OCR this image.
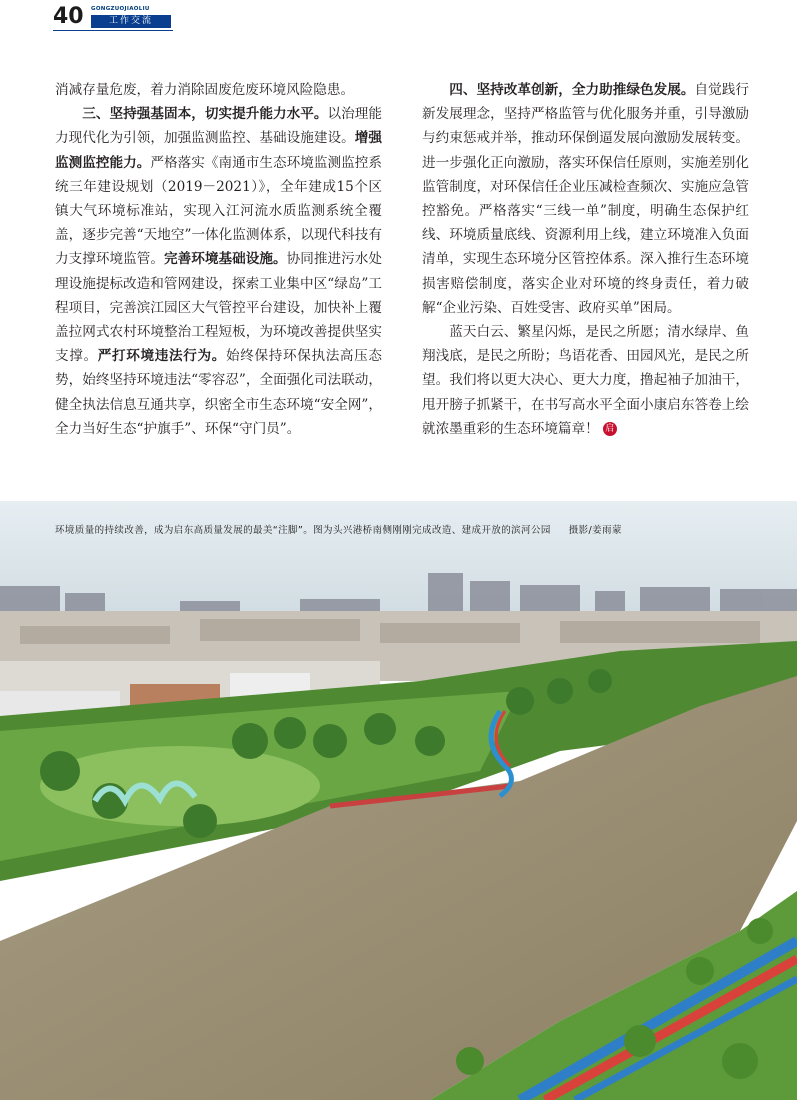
40 GONGZUOJIAOLIU
工作交流

消减存量危废，着力消除固废危废环境风险隐患。

三、坚持强基固本，切实提升能力水平。以治理能力现代化为引领，加强监测监控、基础设施建设。增强监测监控能力。严格落实《南通市生态环境监测监控系统三年建设规划（2019－2021）》，全年建成15个区镇大气环境标准站，实现入江河流水质监测系统全覆盖，逐步完善“天地空”一体化监测体系，以现代科技有力支撑环境监管。完善环境基础设施。协同推进污水处理设施提标改造和管网建设，探索工业集中区“绿岛”工程项目，完善滨江园区大气管控平台建设，加快补上覆盖拉网式农村环境整治工程短板，为环境改善提供坚实支撑。严打环境违法行为。始终保持环保执法高压态势，始终坚持环境违法“零容忍”，全面强化司法联动，健全执法信息互通共享，织密全市生态环境“安全网”，全力当好生态“护旗手”、环保“守门员”。

四、坚持改革创新，全力助推绿色发展。自觉践行新发展理念，坚持严格监管与优化服务并重，引导激励与约束惩戒并举，推动环保倒逼发展向激励发展转变。进一步强化正向激励，落实环保信任原则，实施差别化监管制度，对环保信任企业压减检查频次、实施应急管控豁免。严格落实“三线一单”制度，明确生态保护红线、环境质量底线、资源利用上线，建立环境准入负面清单，实现生态环境分区管控体系。深入推行生态环境损害赔偿制度，落实企业对环境的终身责任，着力破解“企业污染、百姓受害、政府买单”困局。

蓝天白云、繁星闪烁，是民之所愿；清水绿岸、鱼翔浅底，是民之所盼；鸟语花香、田园风光，是民之所望。我们将以更大决心、更大力度，撸起袖子加油干，甩开膀子抓紧干，在书写高水平全面小康启东答卷上绘就浓墨重彩的生态环境篇章！ 启

环境质量的持续改善，成为启东高质量发展的最美“注脚”。图为头兴港桥南侧刚刚完成改造、建成开放的滨河公园 摄影/姜雨蒙
